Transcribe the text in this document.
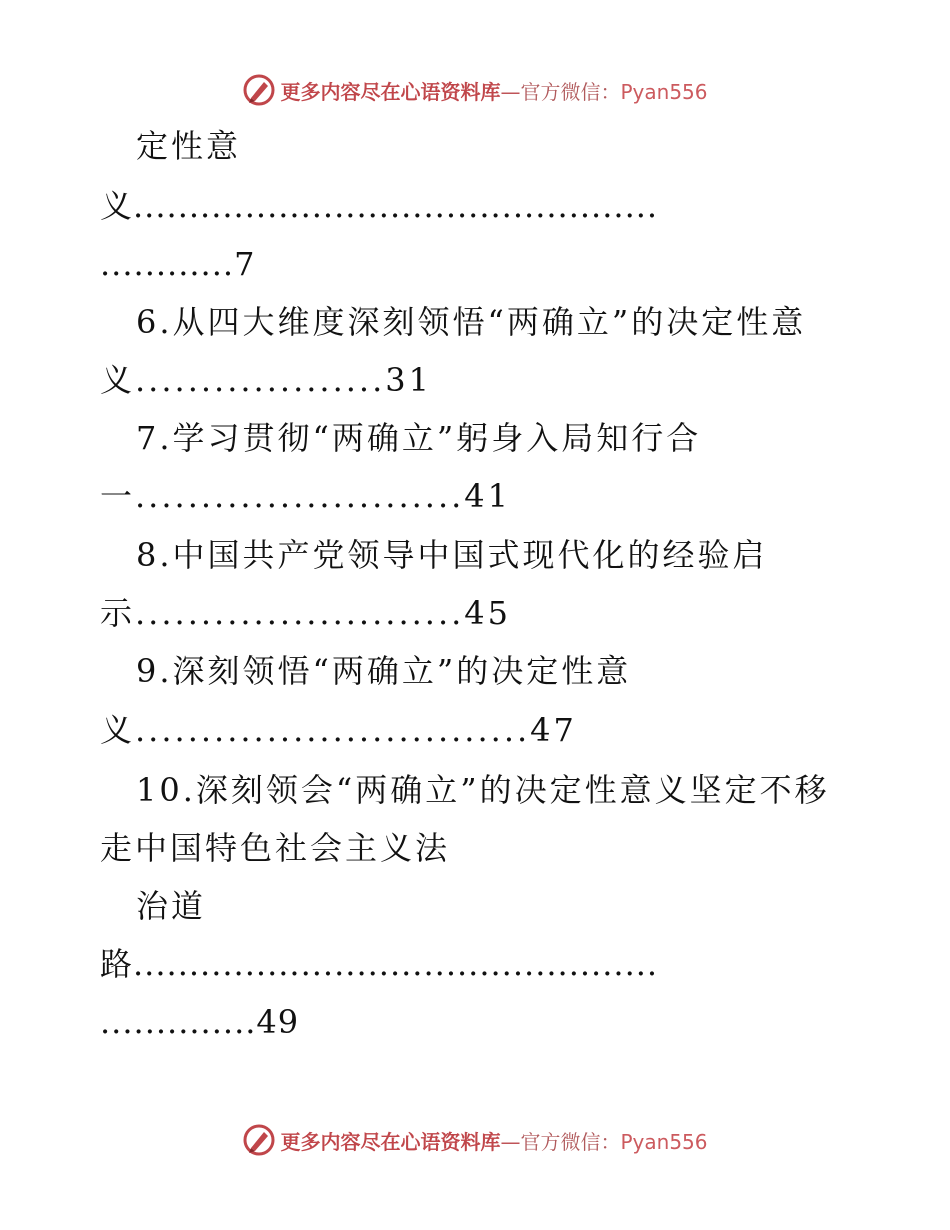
更多内容尽在心语资料库—官方微信：Pyan556
定性意
义...............................................
............7
6.从四大维度深刻领悟“两确立”的决定性意
义...................31
7.学习贯彻“两确立”躬身入局知行合
一.........................41
8.中国共产党领导中国式现代化的经验启
示.........................45
9.深刻领悟“两确立”的决定性意
义..............................47
10.深刻领会“两确立”的决定性意义坚定不移
走中国特色社会主义法
治道
路...............................................
..............49
更多内容尽在心语资料库—官方微信：Pyan556
